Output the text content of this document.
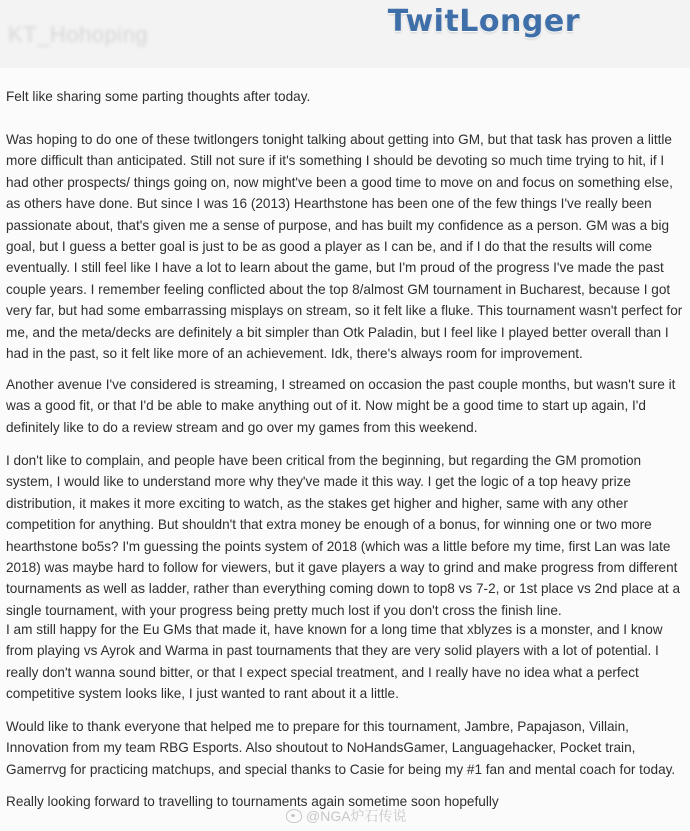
KT_Hohoping	TwitLonger

Felt like sharing some parting thoughts after today.

Was hoping to do one of these twitlongers tonight talking about getting into GM, but that task has proven a little more difficult than anticipated. Still not sure if it's something I should be devoting so much time trying to hit, if I had other prospects/ things going on, now might've been a good time to move on and focus on something else, as others have done. But since I was 16 (2013) Hearthstone has been one of the few things I've really been passionate about, that's given me a sense of purpose, and has built my confidence as a person. GM was a big goal, but I guess a better goal is just to be as good a player as I can be, and if I do that the results will come eventually. I still feel like I have a lot to learn about the game, but I'm proud of the progress I've made the past couple years. I remember feeling conflicted about the top 8/almost GM tournament in Bucharest, because I got very far, but had some embarrassing misplays on stream, so it felt like a fluke. This tournament wasn't perfect for me, and the meta/decks are definitely a bit simpler than Otk Paladin, but I feel like I played better overall than I had in the past, so it felt like more of an achievement. Idk, there's always room for improvement.

Another avenue I've considered is streaming, I streamed on occasion the past couple months, but wasn't sure it was a good fit, or that I'd be able to make anything out of it. Now might be a good time to start up again, I'd definitely like to do a review stream and go over my games from this weekend.

I don't like to complain, and people have been critical from the beginning, but regarding the GM promotion system, I would like to understand more why they've made it this way. I get the logic of a top heavy prize distribution, it makes it more exciting to watch, as the stakes get higher and higher, same with any other competition for anything. But shouldn't that extra money be enough of a bonus, for winning one or two more hearthstone bo5s? I'm guessing the points system of 2018 (which was a little before my time, first Lan was late 2018) was maybe hard to follow for viewers, but it gave players a way to grind and make progress from different tournaments as well as ladder, rather than everything coming down to top8 vs 7-2, or 1st place vs 2nd place at a single tournament, with your progress being pretty much lost if you don't cross the finish line.

I am still happy for the Eu GMs that made it, have known for a long time that xblyzes is a monster, and I know from playing vs Ayrok and Warma in past tournaments that they are very solid players with a lot of potential. I really don't wanna sound bitter, or that I expect special treatment, and I really have no idea what a perfect competitive system looks like, I just wanted to rant about it a little.

Would like to thank everyone that helped me to prepare for this tournament, Jambre, Papajason, Villain, Innovation from my team RBG Esports. Also shoutout to NoHandsGamer, Languagehacker, Pocket train, Gamerrvg for practicing matchups, and special thanks to Casie for being my #1 fan and mental coach for today.

Really looking forward to travelling to tournaments again sometime soon hopefully

@NGA炉石传说
